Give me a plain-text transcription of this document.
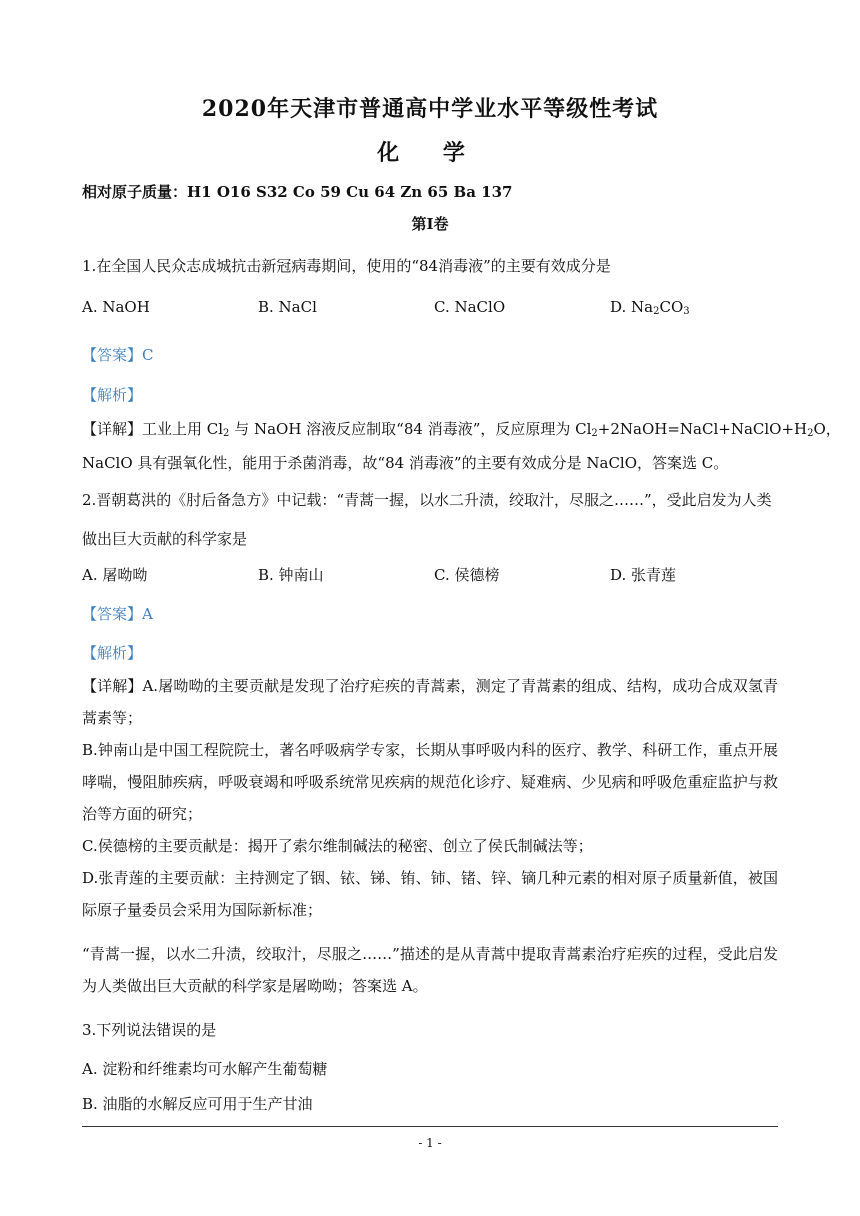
2020年天津市普通高中学业水平等级性考试
化 学
相对原子质量：H1 O16 S32 Co 59 Cu 64 Zn 65 Ba 137
第Ⅰ卷
1.在全国人民众志成城抗击新冠病毒期间，使用的“84消毒液”的主要有效成分是
A. NaOH	B. NaCl	C. NaClO	D. $Na_2CO_3$
【答案】C
【解析】
【详解】工业上用 $Cl_2$ 与 NaOH 溶液反应制取“84 消毒液”，反应原理为 $Cl_2+2NaOH=NaCl+NaClO+H_2O$，
NaClO 具有强氧化性，能用于杀菌消毒，故“84 消毒液”的主要有效成分是 NaClO，答案选 C。
2.晋朝葛洪的《肘后备急方》中记载：“青蒿一握，以水二升渍，绞取汁，尽服之……”，受此启发为人类
做出巨大贡献的科学家是
A. 屠呦呦	B. 钟南山	C. 侯德榜	D. 张青莲
【答案】A
【解析】
【详解】A.屠呦呦的主要贡献是发现了治疗疟疾的青蒿素，测定了青蒿素的组成、结构，成功合成双氢青蒿素等；
B.钟南山是中国工程院院士，著名呼吸病学专家，长期从事呼吸内科的医疗、教学、科研工作，重点开展哮喘，慢阻肺疾病，呼吸衰竭和呼吸系统常见疾病的规范化诊疗、疑难病、少见病和呼吸危重症监护与救治等方面的研究；
C.侯德榜的主要贡献是：揭开了索尔维制碱法的秘密、创立了侯氏制碱法等；
D.张青莲的主要贡献：主持测定了铟、铱、锑、铕、铈、锗、锌、镝几种元素的相对原子质量新值，被国际原子量委员会采用为国际新标准；
“青蒿一握，以水二升渍，绞取汁，尽服之……”描述的是从青蒿中提取青蒿素治疗疟疾的过程，受此启发为人类做出巨大贡献的科学家是屠呦呦；答案选 A。
3.下列说法错误的是
A. 淀粉和纤维素均可水解产生葡萄糖
B. 油脂的水解反应可用于生产甘油
- 1 -
